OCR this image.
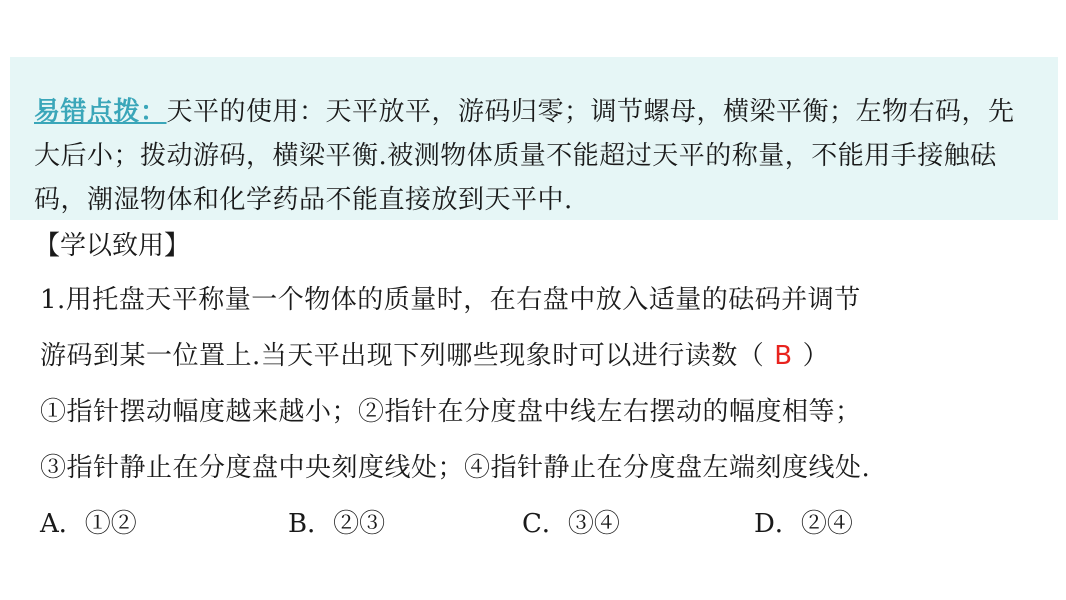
易错点拨：天平的使用：天平放平，游码归零；调节螺母，横梁平衡；左物右码，先大后小；拨动游码，横梁平衡.被测物体质量不能超过天平的称量，不能用手接触砝码，潮湿物体和化学药品不能直接放到天平中.
【学以致用】
1.用托盘天平称量一个物体的质量时，在右盘中放入适量的砝码并调节
游码到某一位置上.当天平出现下列哪些现象时可以进行读数（ B ）
①指针摆动幅度越来越小；②指针在分度盘中线左右摆动的幅度相等；
③指针静止在分度盘中央刻度线处；④指针静止在分度盘左端刻度线处.
A．①②	B．②③	C．③④	D．②④
